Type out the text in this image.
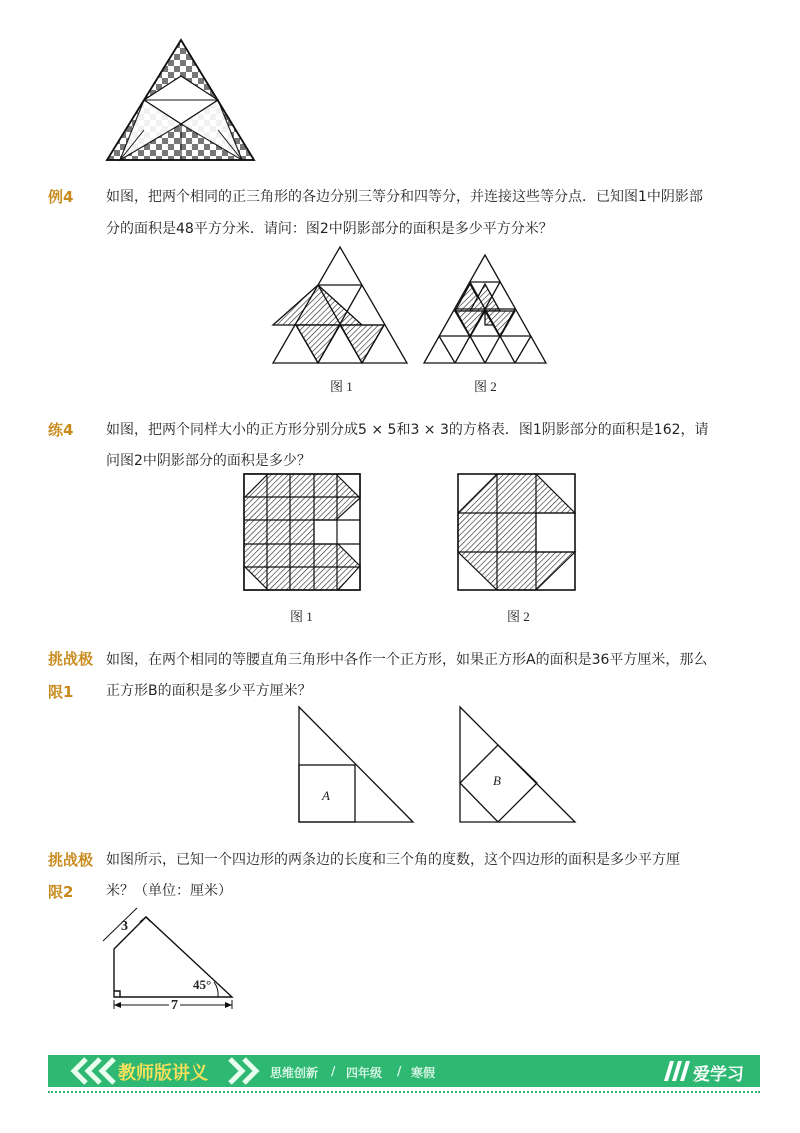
例4 如图，把两个相同的正三角形的各边分别三等分和四等分，并连接这些等分点．已知图1中阴影部
分的面积是48平方分米．请问：图2中阴影部分的面积是多少平方分米？
图 1	图 2
练4 如图，把两个同样大小的正方形分别分成5 × 5和3 × 3的方格表．图1阴影部分的面积是162，请
问图2中阴影部分的面积是多少？
图 1	图 2
挑战极
限1
如图，在两个相同的等腰直角三角形中各作一个正方形，如果正方形A的面积是36平方厘米，那么
正方形B的面积是多少平方厘米？
A
B
挑战极
限2
如图所示，已知一个四边形的两条边的长度和三个角的度数，这个四边形的面积是多少平方厘
米？（单位：厘米）
3
7
45°
教师版讲义	思维创新 / 四年级 / 寒假	爱学习
